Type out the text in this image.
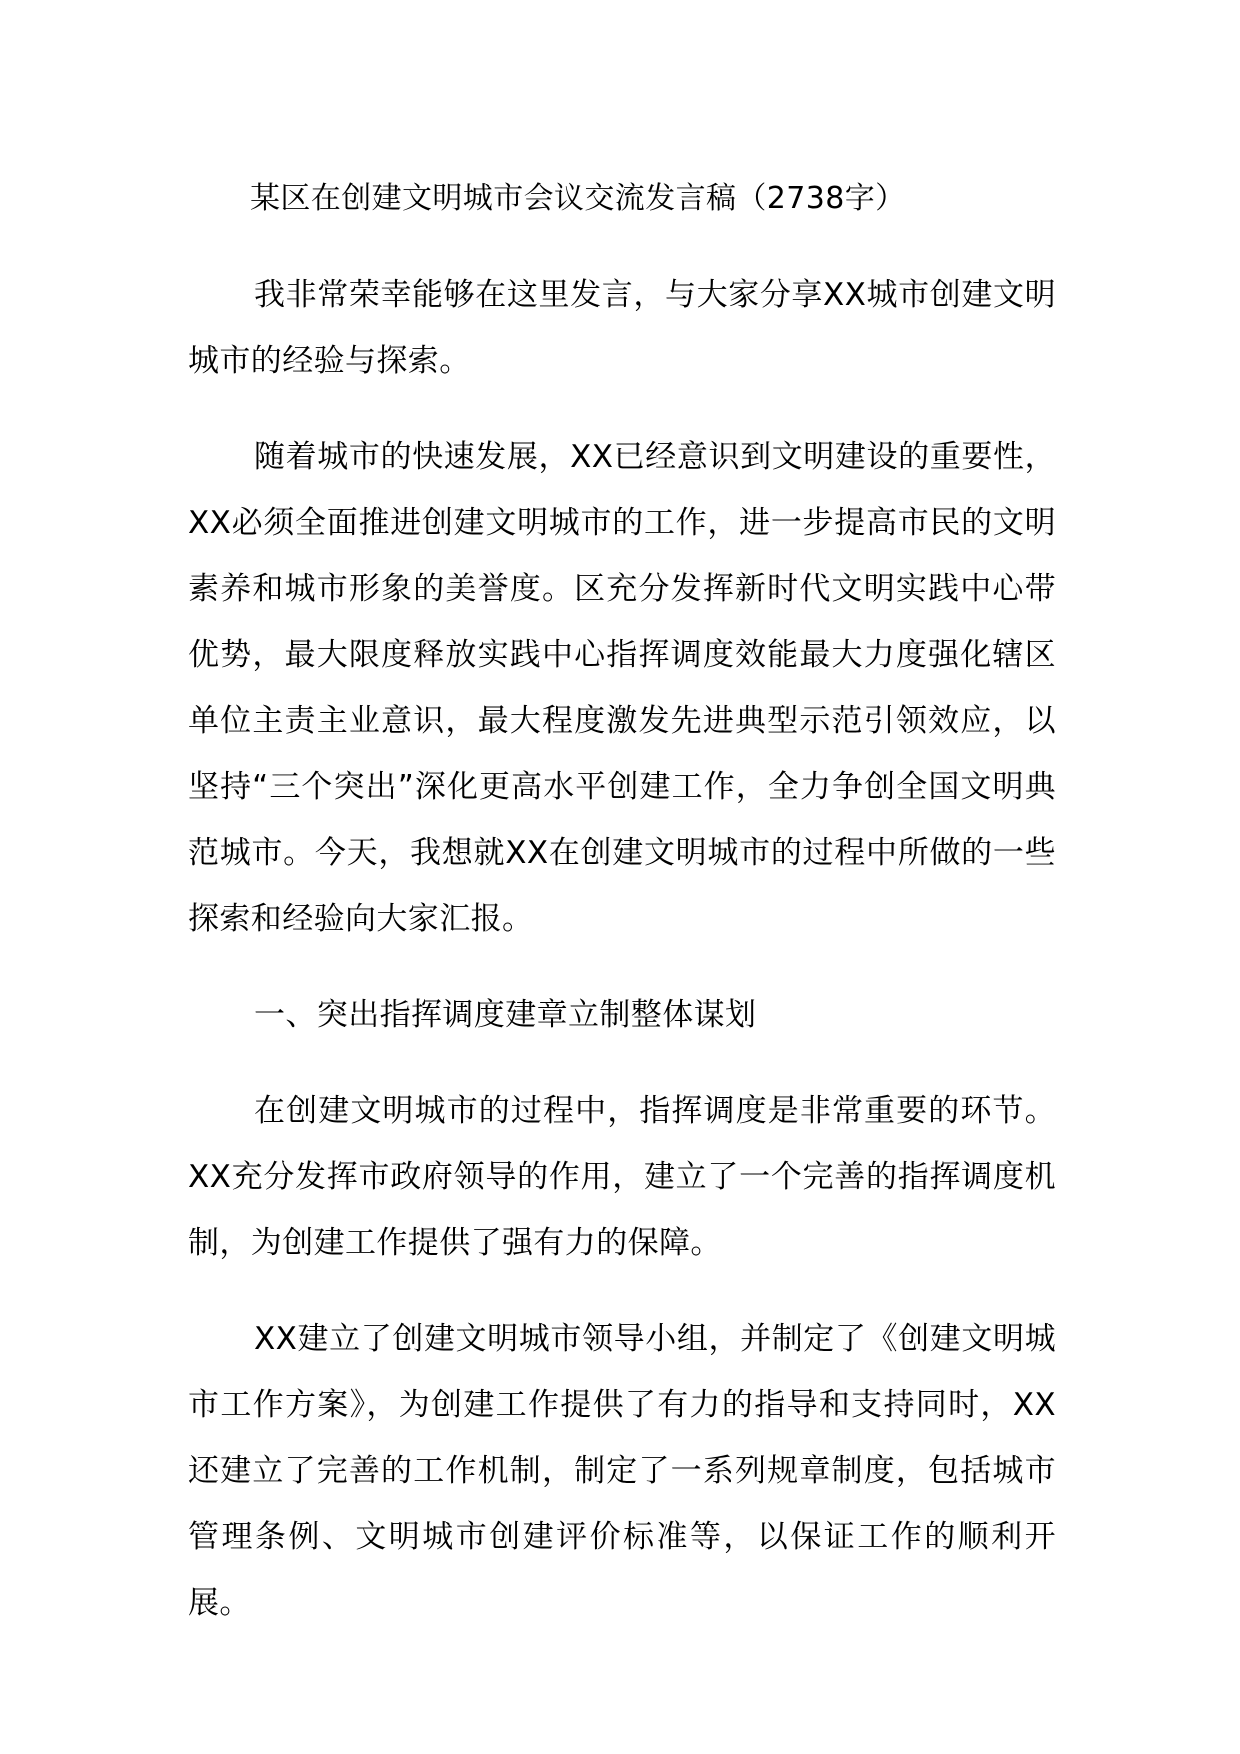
某区在创建文明城市会议交流发言稿（2738字）

我非常荣幸能够在这里发言，与大家分享XX城市创建文明城市的经验与探索。

随着城市的快速发展，XX已经意识到文明建设的重要性，XX必须全面推进创建文明城市的工作，进一步提高市民的文明素养和城市形象的美誉度。区充分发挥新时代文明实践中心带优势，最大限度释放实践中心指挥调度效能最大力度强化辖区单位主责主业意识，最大程度激发先进典型示范引领效应，以坚持“三个突出”深化更高水平创建工作，全力争创全国文明典范城市。今天，我想就XX在创建文明城市的过程中所做的一些探索和经验向大家汇报。

一、突出指挥调度建章立制整体谋划

在创建文明城市的过程中，指挥调度是非常重要的环节。XX充分发挥市政府领导的作用，建立了一个完善的指挥调度机制，为创建工作提供了强有力的保障。

XX建立了创建文明城市领导小组，并制定了《创建文明城市工作方案》，为创建工作提供了有力的指导和支持同时，XX还建立了完善的工作机制，制定了一系列规章制度，包括城市管理条例、文明城市创建评价标准等，以保证工作的顺利开展。
